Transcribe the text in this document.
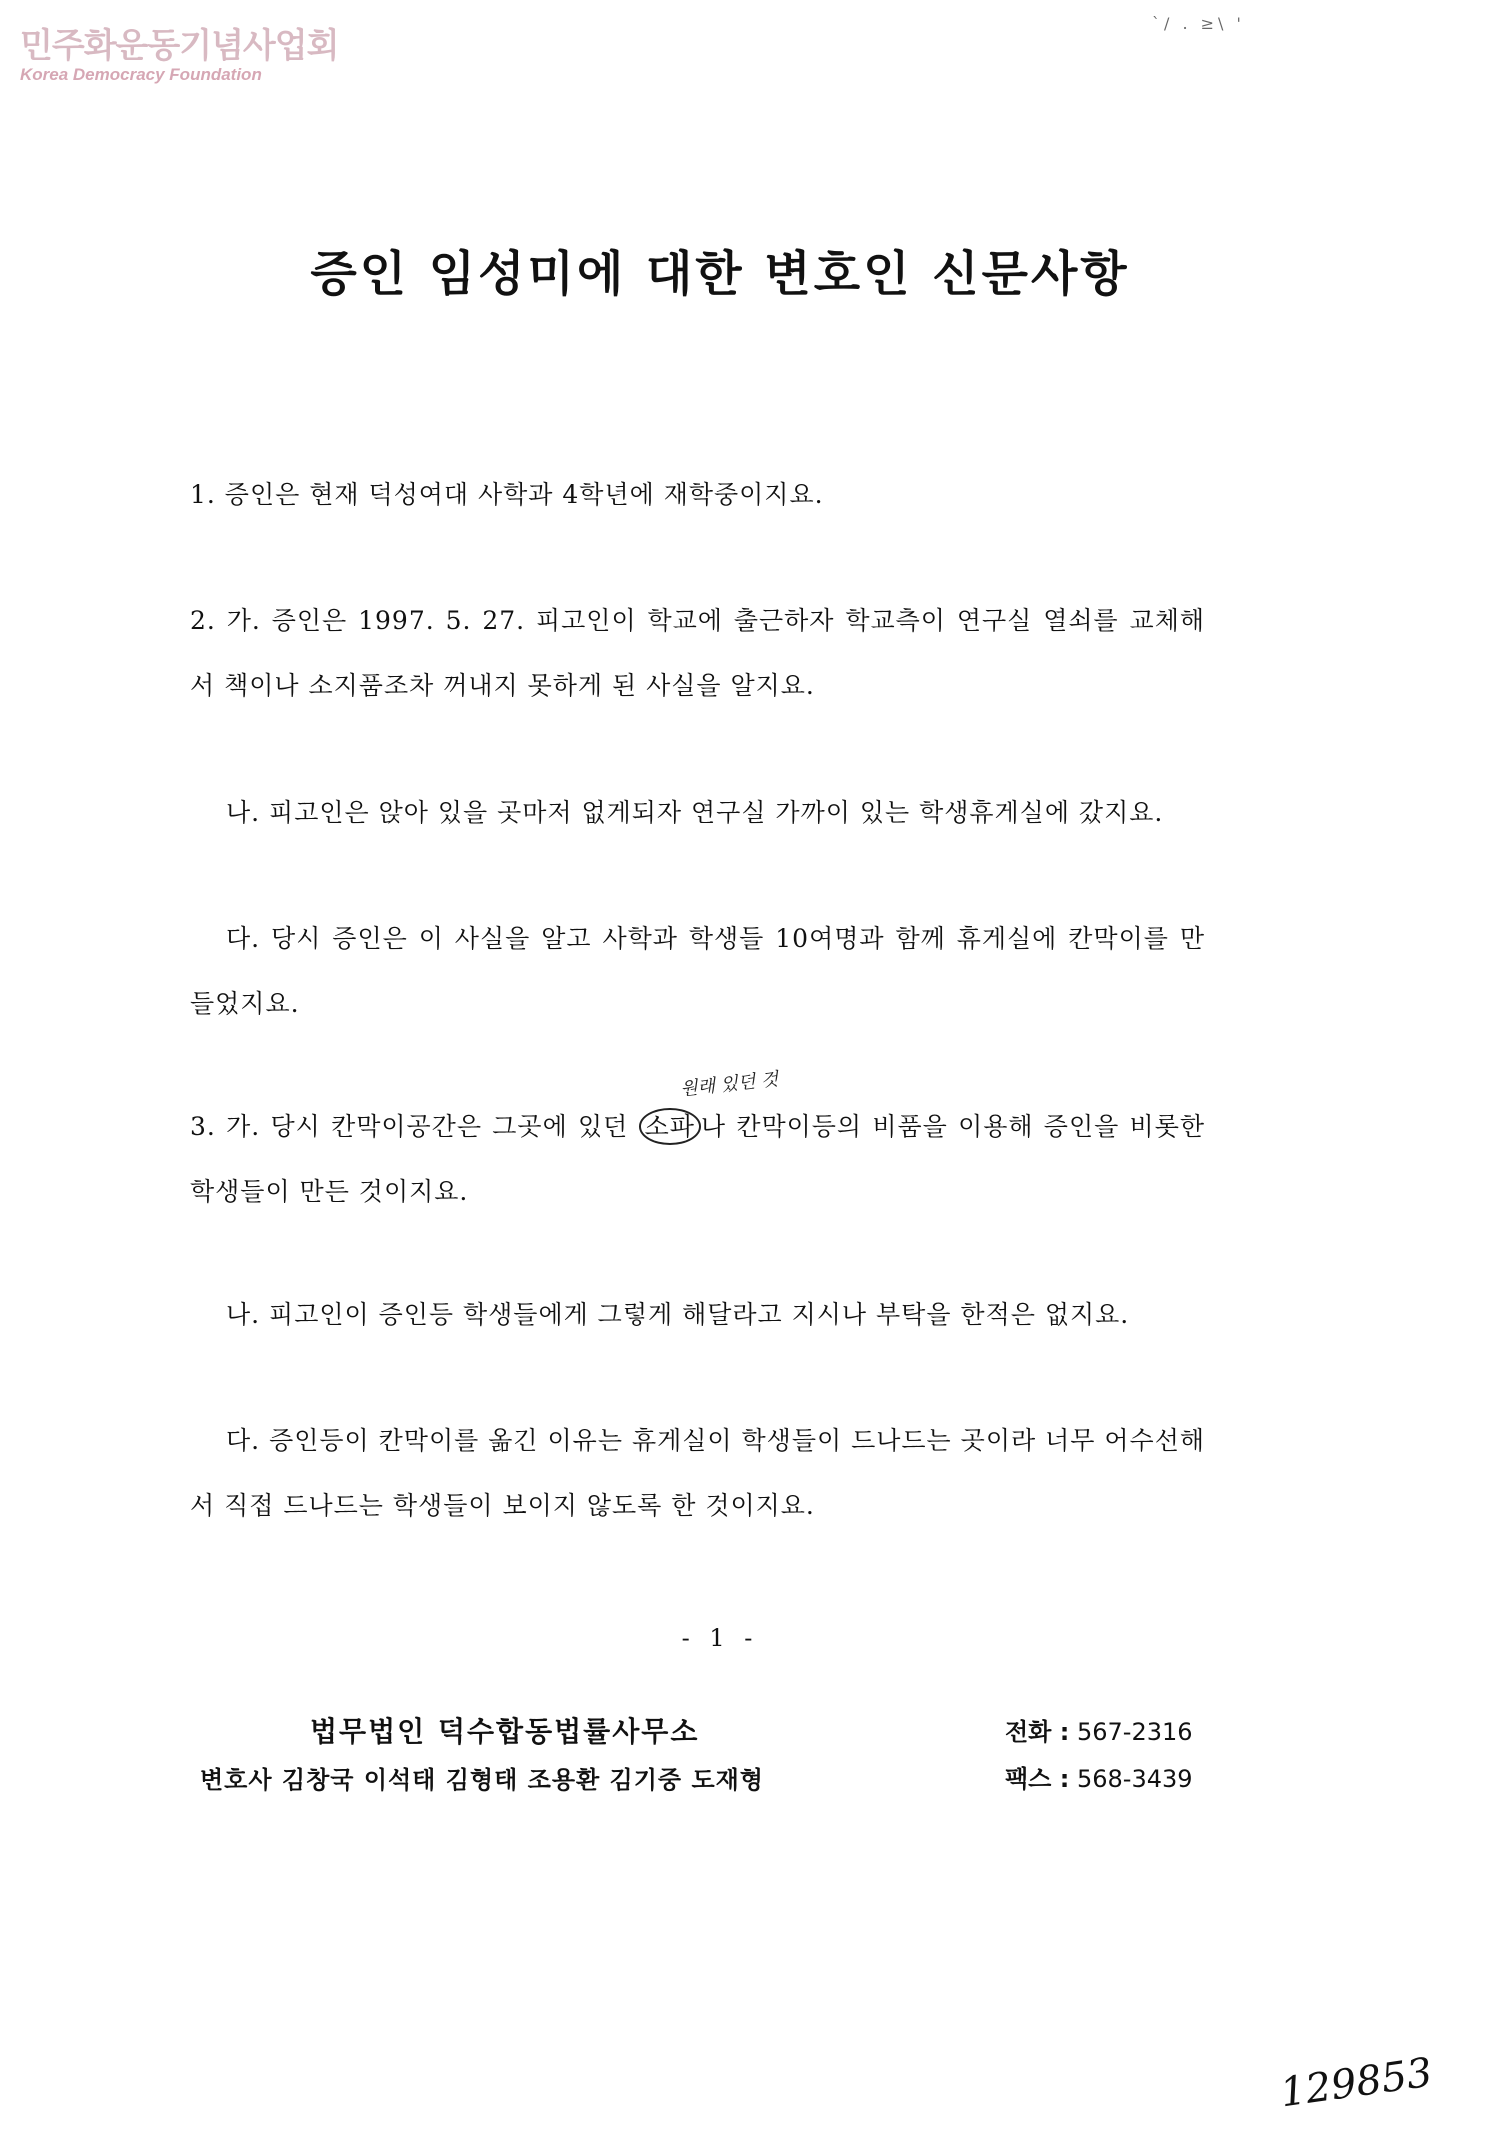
민주화운동기념사업회
Korea Democracy Foundation
`/ . ≥\ '
증인 임성미에 대한 변호인 신문사항

1. 증인은 현재 덕성여대 사학과 4학년에 재학중이지요.

2. 가. 증인은 1997. 5. 27. 피고인이 학교에 출근하자 학교측이 연구실 열쇠를 교체해서 책이나 소지품조차 꺼내지 못하게 된 사실을 알지요.

나. 피고인은 앉아 있을 곳마저 없게되자 연구실 가까이 있는 학생휴게실에 갔지요.

다. 당시 증인은 이 사실을 알고 사학과 학생들 10여명과 함께 휴게실에 칸막이를 만들었지요.

원래 있던 것

3. 가. 당시 칸막이공간은 그곳에 있던 소파 나 칸막이등의 비품을 이용해 증인을 비롯한 학생들이 만든 것이지요.

나. 피고인이 증인등 학생들에게 그렇게 해달라고 지시나 부탁을 한적은 없지요.

다. 증인등이 칸막이를 옮긴 이유는 휴게실이 학생들이 드나드는 곳이라 너무 어수선해서 직접 드나드는 학생들이 보이지 않도록 한 것이지요.

- 1 -
법무법인 덕수합동법률사무소
변호사 김창국 이석태 김형태 조용환 김기중 도재형
전화 : 567-2316
팩스 : 568-3439
129853
